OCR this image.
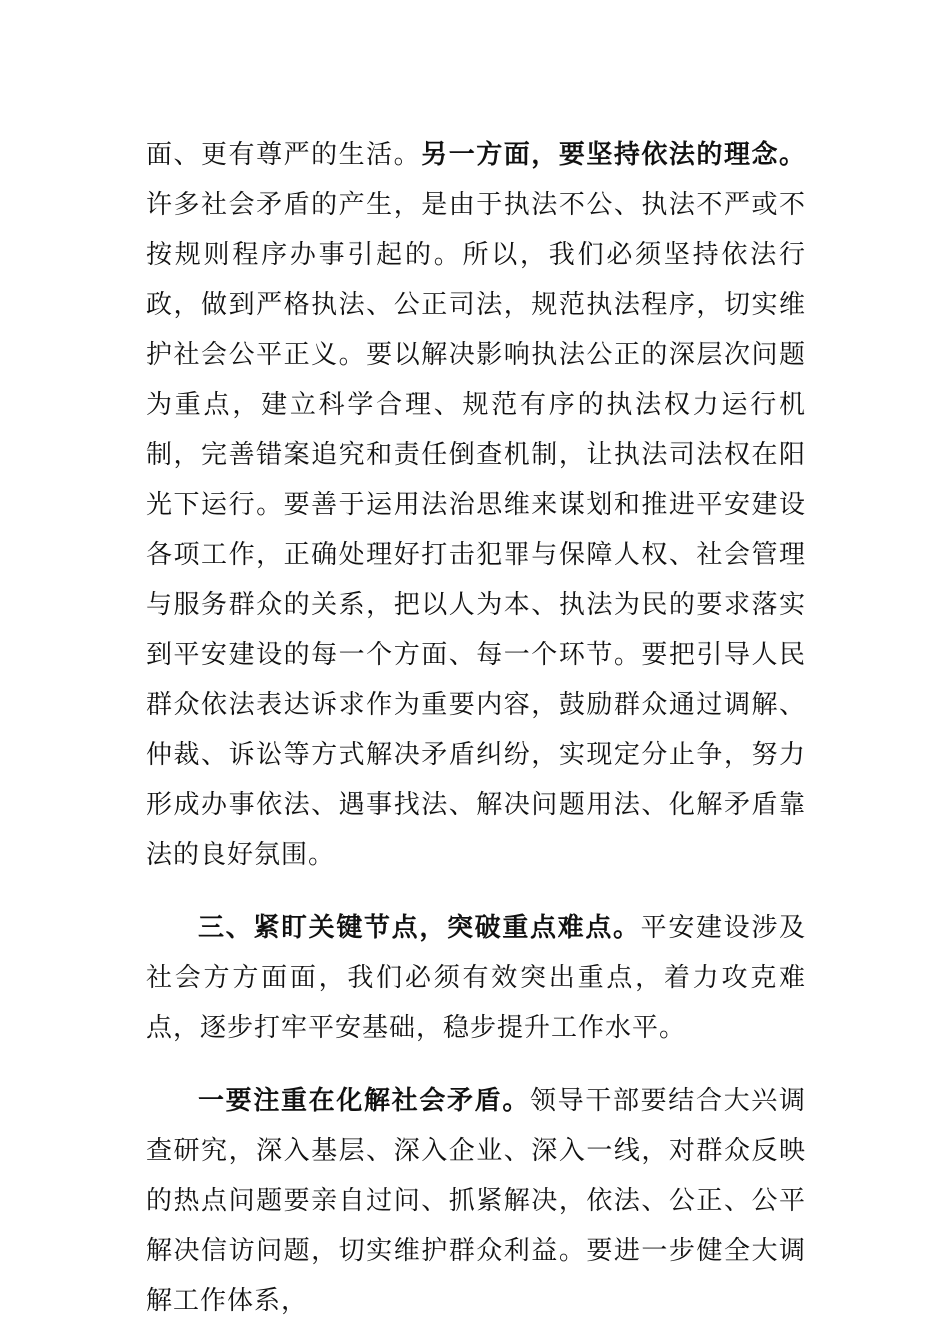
面、更有尊严的生活。另一方面，要坚持依法的理念。许多社会矛盾的产生，是由于执法不公、执法不严或不按规则程序办事引起的。所以，我们必须坚持依法行政，做到严格执法、公正司法，规范执法程序，切实维护社会公平正义。要以解决影响执法公正的深层次问题为重点，建立科学合理、规范有序的执法权力运行机制，完善错案追究和责任倒查机制，让执法司法权在阳光下运行。要善于运用法治思维来谋划和推进平安建设各项工作，正确处理好打击犯罪与保障人权、社会管理与服务群众的关系，把以人为本、执法为民的要求落实到平安建设的每一个方面、每一个环节。要把引导人民群众依法表达诉求作为重要内容，鼓励群众通过调解、仲裁、诉讼等方式解决矛盾纠纷，实现定分止争，努力形成办事依法、遇事找法、解决问题用法、化解矛盾靠法的良好氛围。

三、紧盯关键节点，突破重点难点。平安建设涉及社会方方面面，我们必须有效突出重点，着力攻克难点，逐步打牢平安基础，稳步提升工作水平。

一要注重在化解社会矛盾。领导干部要结合大兴调查研究，深入基层、深入企业、深入一线，对群众反映的热点问题要亲自过问、抓紧解决，依法、公正、公平解决信访问题，切实维护群众利益。要进一步健全大调解工作体系，
